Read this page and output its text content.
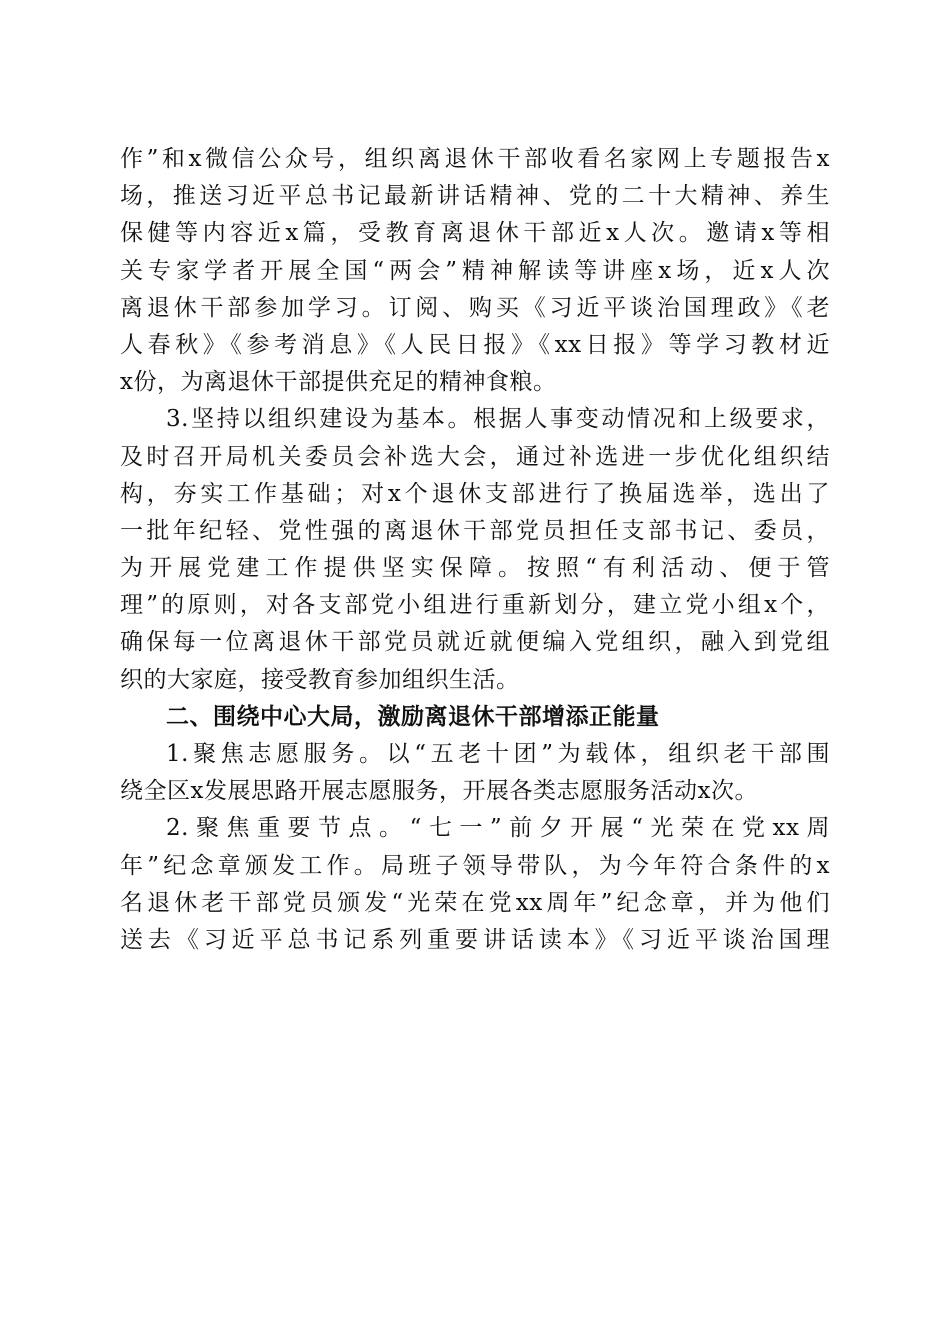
作”和x微信公众号，组织离退休干部收看名家网上专题报告x
场，推送习近平总书记最新讲话精神、党的二十大精神、养生
保健等内容近x篇，受教育离退休干部近x人次。邀请x等相
关专家学者开展全国“两会”精神解读等讲座x场，近x人次
离退休干部参加学习。订阅、购买《习近平谈治国理政》《老
人春秋》《参考消息》《人民日报》《xx日报》等学习教材近
x份，为离退休干部提供充足的精神食粮。
3.坚持以组织建设为基本。根据人事变动情况和上级要求，
及时召开局机关委员会补选大会，通过补选进一步优化组织结
构，夯实工作基础；对x个退休支部进行了换届选举，选出了
一批年纪轻、党性强的离退休干部党员担任支部书记、委员，
为开展党建工作提供坚实保障。按照“有利活动、便于管
理”的原则，对各支部党小组进行重新划分，建立党小组x个，
确保每一位离退休干部党员就近就便编入党组织，融入到党组
织的大家庭，接受教育参加组织生活。
二、围绕中心大局，激励离退休干部增添正能量
1.聚焦志愿服务。以“五老十团”为载体，组织老干部围
绕全区x发展思路开展志愿服务，开展各类志愿服务活动x次。
2.聚焦重要节点。“七一”前夕开展“光荣在党xx周
年”纪念章颁发工作。局班子领导带队，为今年符合条件的x
名退休老干部党员颁发“光荣在党xx周年”纪念章，并为他们
送去《习近平总书记系列重要讲话读本》《习近平谈治国理
